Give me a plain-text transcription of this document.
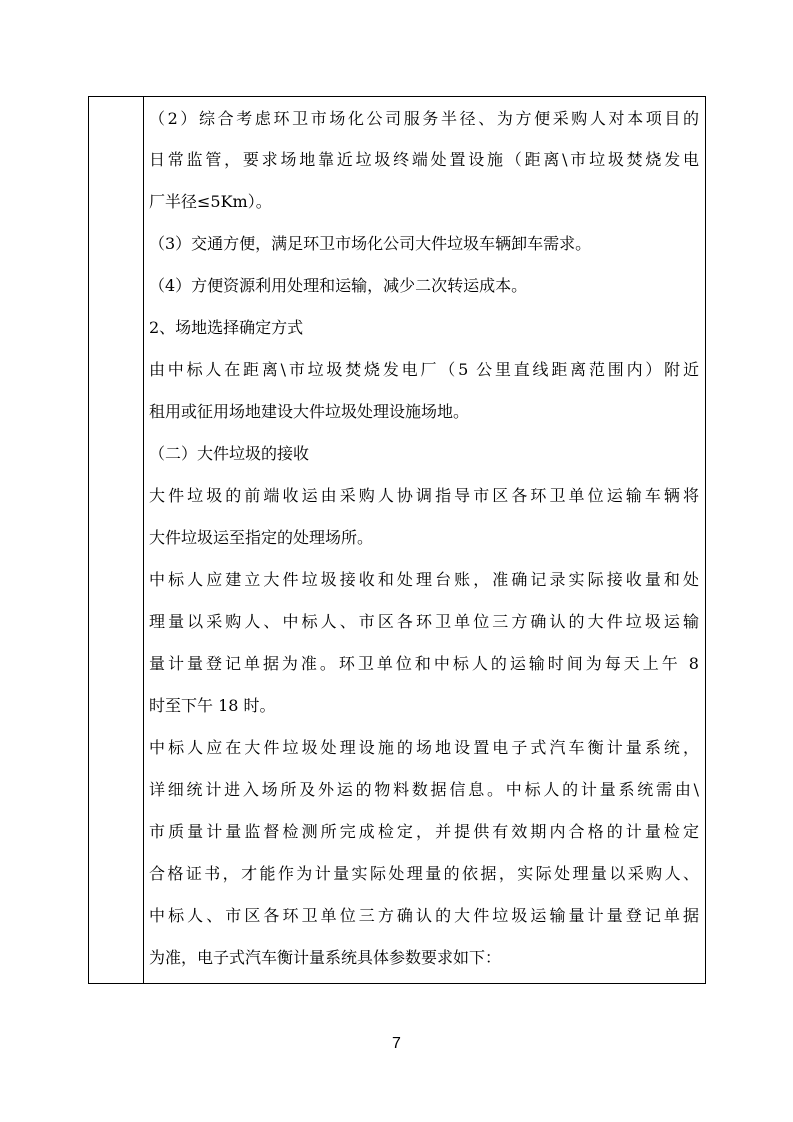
（2）综合考虑环卫市场化公司服务半径、为方便采购人对本项目的
日常监管，要求场地靠近垃圾终端处置设施（距离\市垃圾焚烧发电
厂半径≤5Km）。
（3）交通方便，满足环卫市场化公司大件垃圾车辆卸车需求。
（4）方便资源利用处理和运输，减少二次转运成本。
2、场地选择确定方式
由中标人在距离\市垃圾焚烧发电厂（5 公里直线距离范围内）附近
租用或征用场地建设大件垃圾处理设施场地。
（二）大件垃圾的接收
大件垃圾的前端收运由采购人协调指导市区各环卫单位运输车辆将
大件垃圾运至指定的处理场所。
中标人应建立大件垃圾接收和处理台账，准确记录实际接收量和处
理量以采购人、中标人、市区各环卫单位三方确认的大件垃圾运输
量计量登记单据为准。环卫单位和中标人的运输时间为每天上午 8
时至下午 18 时。
中标人应在大件垃圾处理设施的场地设置电子式汽车衡计量系统，
详细统计进入场所及外运的物料数据信息。中标人的计量系统需由\
市质量计量监督检测所完成检定，并提供有效期内合格的计量检定
合格证书，才能作为计量实际处理量的依据，实际处理量以采购人、
中标人、市区各环卫单位三方确认的大件垃圾运输量计量登记单据
为准，电子式汽车衡计量系统具体参数要求如下：
7
